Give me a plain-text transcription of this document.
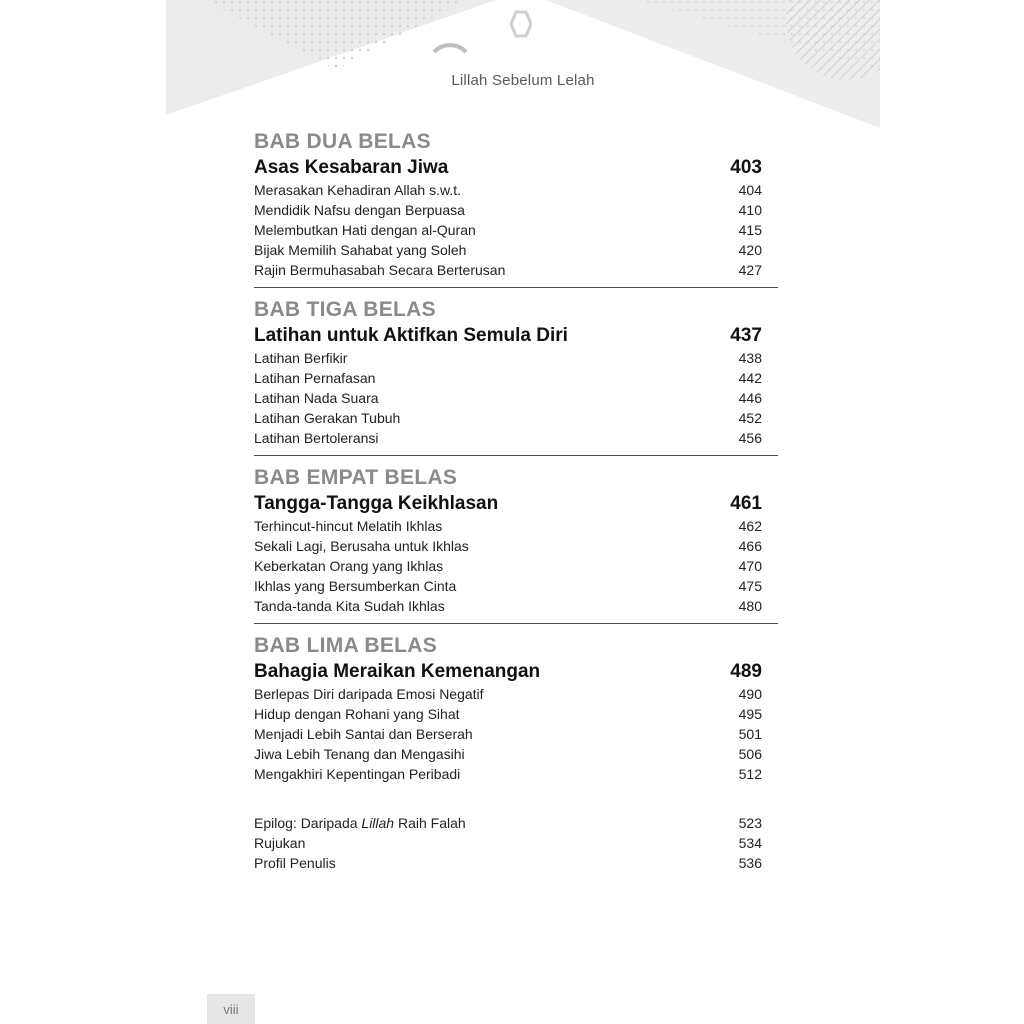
Lillah Sebelum Lelah
BAB DUA BELAS
Asas Kesabaran Jiwa	403
Merasakan Kehadiran Allah s.w.t.	404
Mendidik Nafsu dengan Berpuasa	410
Melembutkan Hati dengan al-Quran	415
Bijak Memilih Sahabat yang Soleh	420
Rajin Bermuhasabah Secara Berterusan	427
BAB TIGA BELAS
Latihan untuk Aktifkan Semula Diri	437
Latihan Berfikir	438
Latihan Pernafasan	442
Latihan Nada Suara	446
Latihan Gerakan Tubuh	452
Latihan Bertoleransi	456
BAB EMPAT BELAS
Tangga-Tangga Keikhlasan	461
Terhincut-hincut Melatih Ikhlas	462
Sekali Lagi, Berusaha untuk Ikhlas	466
Keberkatan Orang yang Ikhlas	470
Ikhlas yang Bersumberkan Cinta	475
Tanda-tanda Kita Sudah Ikhlas	480
BAB LIMA BELAS
Bahagia Meraikan Kemenangan	489
Berlepas Diri daripada Emosi Negatif	490
Hidup dengan Rohani yang Sihat	495
Menjadi Lebih Santai dan Berserah	501
Jiwa Lebih Tenang dan Mengasihi	506
Mengakhiri Kepentingan Peribadi	512
Epilog: Daripada Lillah Raih Falah	523
Rujukan	534
Profil Penulis	536
viii
